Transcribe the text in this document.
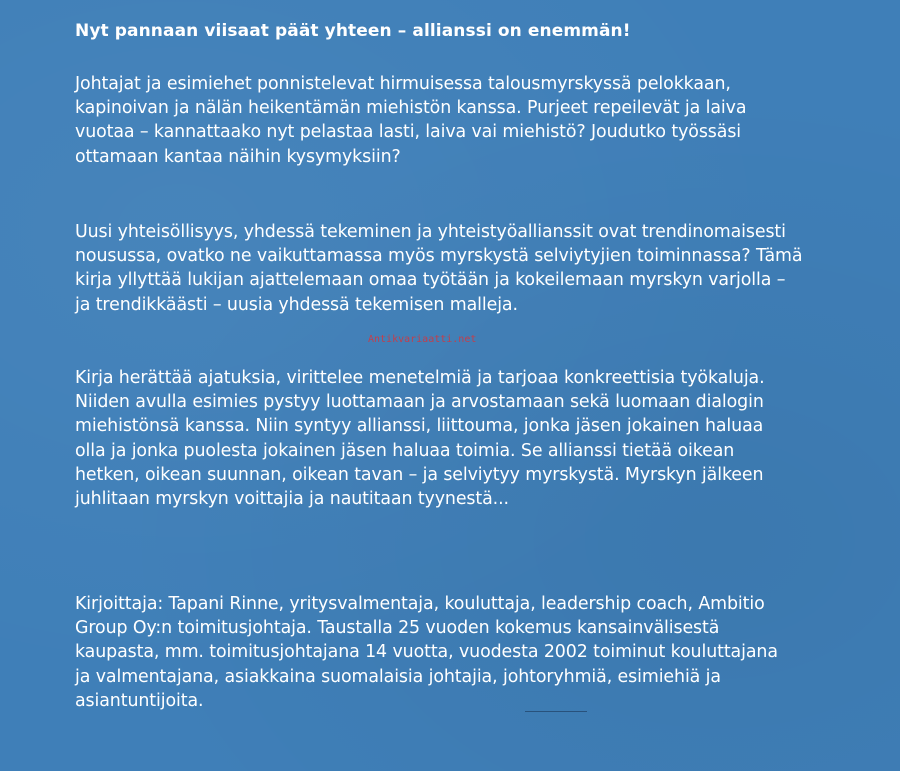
Nyt pannaan viisaat päät yhteen – allianssi on enemmän!

Johtajat ja esimiehet ponnistelevat hirmuisessa talousmyrskyssä pelokkaan,
kapinoivan ja nälän heikentämän miehistön kanssa. Purjeet repeilevät ja laiva
vuotaa – kannattaako nyt pelastaa lasti, laiva vai miehistö? Joudutko työssäsi
ottamaan kantaa näihin kysymyksiin?

Uusi yhteisöllisyys, yhdessä tekeminen ja yhteistyöallianssit ovat trendinomaisesti
nousussa, ovatko ne vaikuttamassa myös myrskystä selviytyjien toiminnassa? Tämä
kirja yllyttää lukijan ajattelemaan omaa työtään ja kokeilemaan myrskyn varjolla –
ja trendikkäästi – uusia yhdessä tekemisen malleja.

Kirja herättää ajatuksia, virittelee menetelmiä ja tarjoaa konkreettisia työkaluja.
Niiden avulla esimies pystyy luottamaan ja arvostamaan sekä luomaan dialogin
miehistönsä kanssa. Niin syntyy allianssi, liittouma, jonka jäsen jokainen haluaa
olla ja jonka puolesta jokainen jäsen haluaa toimia. Se allianssi tietää oikean
hetken, oikean suunnan, oikean tavan – ja selviytyy myrskystä. Myrskyn jälkeen
juhlitaan myrskyn voittajia ja nautitaan tyynestä...

Kirjoittaja: Tapani Rinne, yritysvalmentaja, kouluttaja, leadership coach, Ambitio
Group Oy:n toimitusjohtaja. Taustalla 25 vuoden kokemus kansainvälisestä
kaupasta, mm. toimitusjohtajana 14 vuotta, vuodesta 2002 toiminut kouluttajana
ja valmentajana, asiakkaina suomalaisia johtajia, johtoryhmiä, esimiehiä ja
asiantuntijoita.

Antikvariaatti.net
